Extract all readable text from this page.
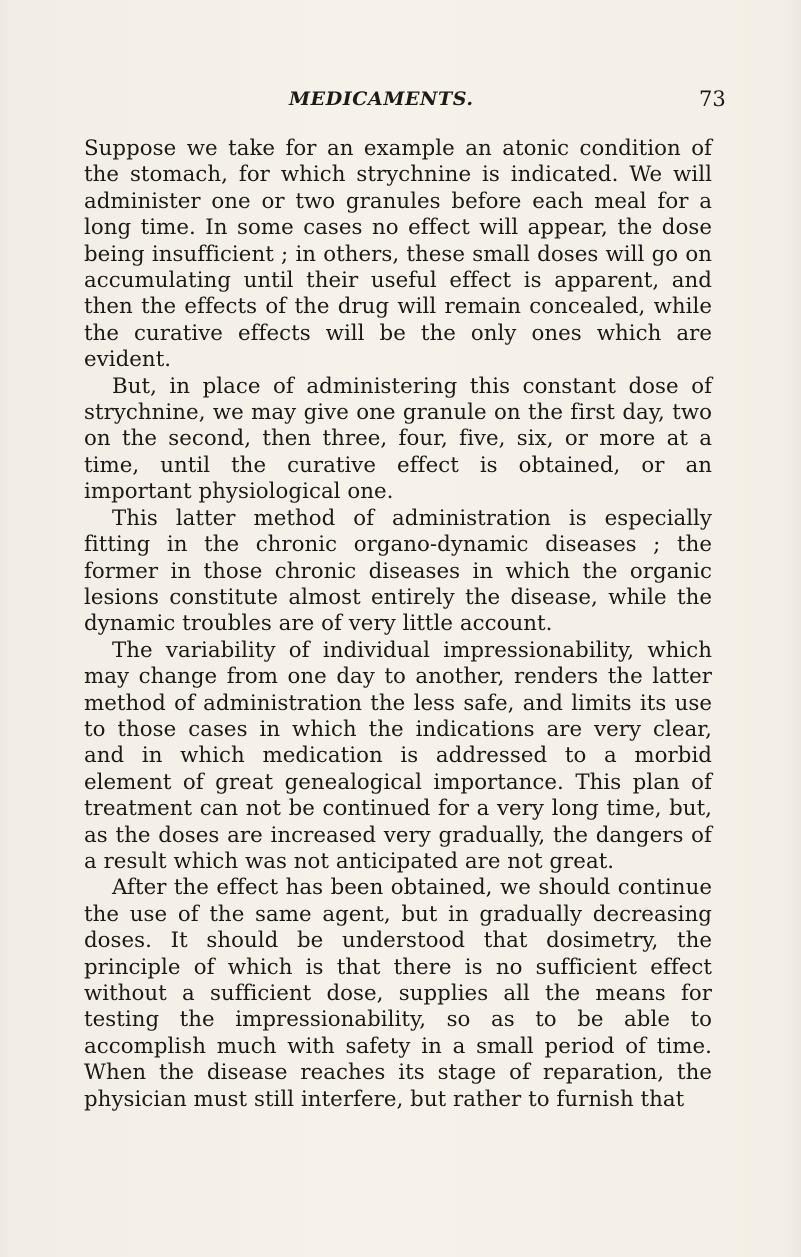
MEDICAMENTS.	73

Suppose we take for an example an atonic condition of the stomach, for which strychnine is indicated. We will administer one or two granules before each meal for a long time. In some cases no effect will appear, the dose being insufficient ; in others, these small doses will go on accumulating until their useful effect is apparent, and then the effects of the drug will remain concealed, while the curative effects will be the only ones which are evident.

But, in place of administering this constant dose of strychnine, we may give one granule on the first day, two on the second, then three, four, five, six, or more at a time, until the curative effect is obtained, or an important physiological one.

This latter method of administration is especially fitting in the chronic organo-dynamic diseases ; the former in those chronic diseases in which the organic lesions constitute almost entirely the disease, while the dynamic troubles are of very little account.

The variability of individual impressionability, which may change from one day to another, renders the latter method of administration the less safe, and limits its use to those cases in which the indications are very clear, and in which medication is addressed to a morbid element of great genealogical importance. This plan of treatment can not be continued for a very long time, but, as the doses are increased very gradually, the dangers of a result which was not anticipated are not great.

After the effect has been obtained, we should continue the use of the same agent, but in gradually decreasing doses. It should be understood that dosimetry, the principle of which is that there is no sufficient effect without a sufficient dose, supplies all the means for testing the impressionability, so as to be able to accomplish much with safety in a small period of time. When the disease reaches its stage of reparation, the physician must still interfere, but rather to furnish that
